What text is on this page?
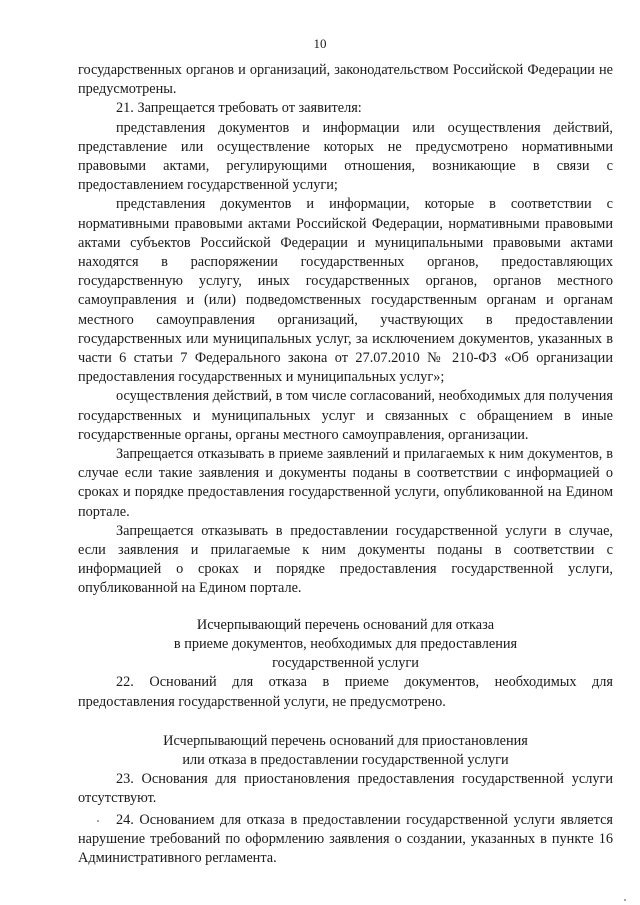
10

государственных органов и организаций, законодательством Российской Федерации не предусмотрены.

21. Запрещается требовать от заявителя:

представления документов и информации или осуществления действий, представление или осуществление которых не предусмотрено нормативными правовыми актами, регулирующими отношения, возникающие в связи с предоставлением государственной услуги;

представления документов и информации, которые в соответствии с нормативными правовыми актами Российской Федерации, нормативными правовыми актами субъектов Российской Федерации и муниципальными правовыми актами находятся в распоряжении государственных органов, предоставляющих государственную услугу, иных государственных органов, органов местного самоуправления и (или) подведомственных государственным органам и органам местного самоуправления организаций, участвующих в предоставлении государственных или муниципальных услуг, за исключением документов, указанных в части 6 статьи 7 Федерального закона от 27.07.2010 № 210-ФЗ «Об организации предоставления государственных и муниципальных услуг»;

осуществления действий, в том числе согласований, необходимых для получения государственных и муниципальных услуг и связанных с обращением в иные государственные органы, органы местного самоуправления, организации.

Запрещается отказывать в приеме заявлений и прилагаемых к ним документов, в случае если такие заявления и документы поданы в соответствии с информацией о сроках и порядке предоставления государственной услуги, опубликованной на Едином портале.

Запрещается отказывать в предоставлении государственной услуги в случае, если заявления и прилагаемые к ним документы поданы в соответствии с информацией о сроках и порядке предоставления государственной услуги, опубликованной на Едином портале.

Исчерпывающий перечень оснований для отказа

в приеме документов, необходимых для предоставления

государственной услуги

22. Оснований для отказа в приеме документов, необходимых для предоставления государственной услуги, не предусмотрено.

Исчерпывающий перечень оснований для приостановления

или отказа в предоставлении государственной услуги

23. Основания для приостановления предоставления государственной услуги отсутствуют.

24. Основанием для отказа в предоставлении государственной услуги является нарушение требований по оформлению заявления о создании, указанных в пункте 16 Административного регламента.
